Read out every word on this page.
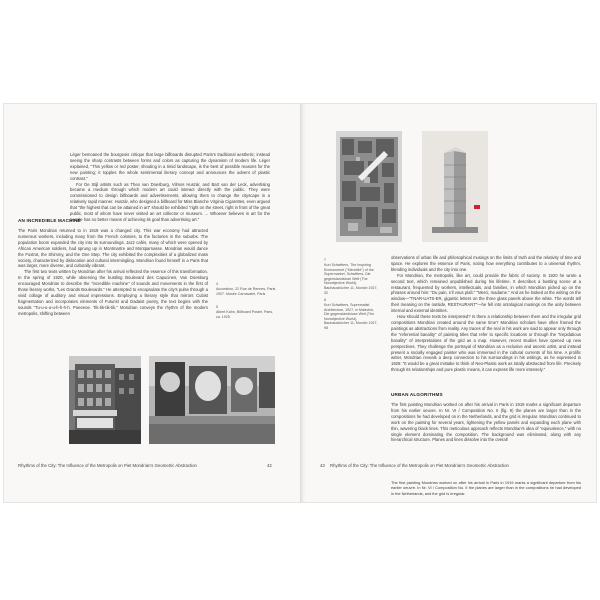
Léger bemoaned the bourgeois critique that large billboards disrupted Paris's traditional aesthetic; instead seeing the sharp contrasts between forms and colors as capturing the dynamism of modern life. Léger explained, "This yellow or red poster, shouting in a timid landscape, is the best of possible reasons for the new painting; it topples the whole sentimental literary concept and announces the advent of plastic contrast."

For De Stijl artists such as Theo van Doesburg, Vilmos Huszár, and Bart van der Leck, advertising became a medium through which modern art could interact directly with the public. They were commissioned to design billboards and advertisements, allowing them to change the cityscape in a relatively rapid manner. Huszár, who designed a billboard for Miss Blanche Virginia Cigarettes, even argued that "the highest that can be attained in art" should be exhibited "right on the street, right in front of the great public, most of whom have never visited an art collector or museum. ... Whoever believes in art for the people has no better means of achieving its goal than advertising art."

AN INCREDIBLE MACHINE

The Paris Mondrian returned to in 1919 was a changed city. This war economy had attracted numerous workers, including many from the French colonies, to the factories in the suburbs. The population boom expanded the city into its surroundings. Jazz cafés, many of which were opened by African American soldiers, had sprung up in Montmartre and Montparnasse. Mondrian would dance the Foxtrot, the Shimmy, and the One Step. The city exhibited the complexities of a globalized mass society, characterized by dislocation and cultural intermingling. Mondrian found himself in a Paris that was larger, more diverse, and culturally vibrant.

The first two texts written by Mondrian after his arrival reflected the essence of this transformation. In the spring of 1920, while observing the bustling Boulevard des Capucines, Van Doesburg encouraged Mondrian to describe the "incredible machine" of sounds and movements in the first of those literary works, "Les Grands Boulevards." He attempted to encapsulate the city's pulse through a vivid collage of auditory and visual impressions. Employing a literary style that mirrors Cubist fragmentation and incorporates elements of Futurist and Dadaist poetry, the text begins with the sounds "Tu-u-u-u-u-h-h-h-h. Poeeeoe. Tik-tik-tik-tik." Mondrian conveys the rhythm of the modern metropolis, shifting between

4
Accordéon, 22 Rue de Rennes, Paris 1907. Musée Carnavalet, Paris
5
Albert Kahn, Billboard Poster, Paris, ca. 1925
Rhythms of the City: The Influence of the Metropolis on Piet Mondrian's Geometric Abstraction	42
7
Kurt Schwitters, The Inspiring Environment ("Merzbild") of the Supermarket, Schwitters, Die gegenstandslose Welt (The Nonobjective World), Bauhausbücher 11, Munich 1927, 32
8
Kurt Schwitters, Suprematist Architecture, 1927, in Malevich, Die gegenstandslose Welt (The Nonobjective World), Bauhausbücher 11, Munich 1927, 98

observations of urban life and philosophical musings on the limits of truth and the relativity of time and space. He explores the essence of Paris, noting how everything contributes to a universal rhythm, blending individuals and the city into one.

For Mondrian, the metropolis, like art, could provide the fabric of society. In 1920 he wrote a second text, which remained unpublished during his lifetime. It describes a bustling scene at a restaurant, frequented by workers, intellectuals, and families, in which Mondrian picked up on the phrases around him: "Du pain, s'il vous plaît." "Merci, madame." And as he looked at the writing on the window—"TNAR-UATS-ER, gigantic letters on the three glass panels above the white. The words tell their meaning on the outside, RESTAURANT"—he fell into ontological musings on the unity between internal and external identities.

How should these texts be interpreted? Is there a relationship between them and the irregular grid compositions Mondrian created around the same time? Mondrian scholars have often framed the paintings as abstractions from reality. Any traces of the real in his work are said to appear only through the "referential banality" of painting titles that refer to specific locations or through the "trepidatious banality" of interpretations of the grid as a map. However, recent studies have opened up new perspectives. They challenge the portrayal of Mondrian as a reclusive and ascetic artist, and instead present a socially engaged painter who was immersed in the cultural currents of his time. A prolific writer, Mondrian reveals a deep connection to his surroundings in his writings, as he expressed in 1926: "It would be a great mistake to think of Neo-Plastic work as totally abstracted from life. Precisely through its relationships and pure plastic means, it can express life more intensely."

URBAN ALGORITHMS

The first painting Mondrian worked on after his arrival in Paris in 1919 marks a significant departure from his earlier oeuvre. In Nr. VI / Composition No. II (fig. 9) the planes are larger than in the compositions he had developed on in the Netherlands, and the grid is irregular. Mondrian continued to work on the painting for several years, lightening the yellow panels and expanding each plane with thin, wavering black lines. This meticulous approach reflects Mondrian's idea of "equivalence," with no single element dominating the composition. The background was eliminated, along with any hierarchical structure. Planes and lines dissolve into the overall

The first painting Mondrian worked on after his arrival in Paris in 1919 marks a significant departure from his earlier oeuvre. In Nr. VI / Composition No. II the planes are larger than in the compositions he had developed in the Netherlands, and the grid is irregular.

43 Rhythms of the City: The Influence of the Metropolis on Piet Mondrian's Geometric Abstraction
